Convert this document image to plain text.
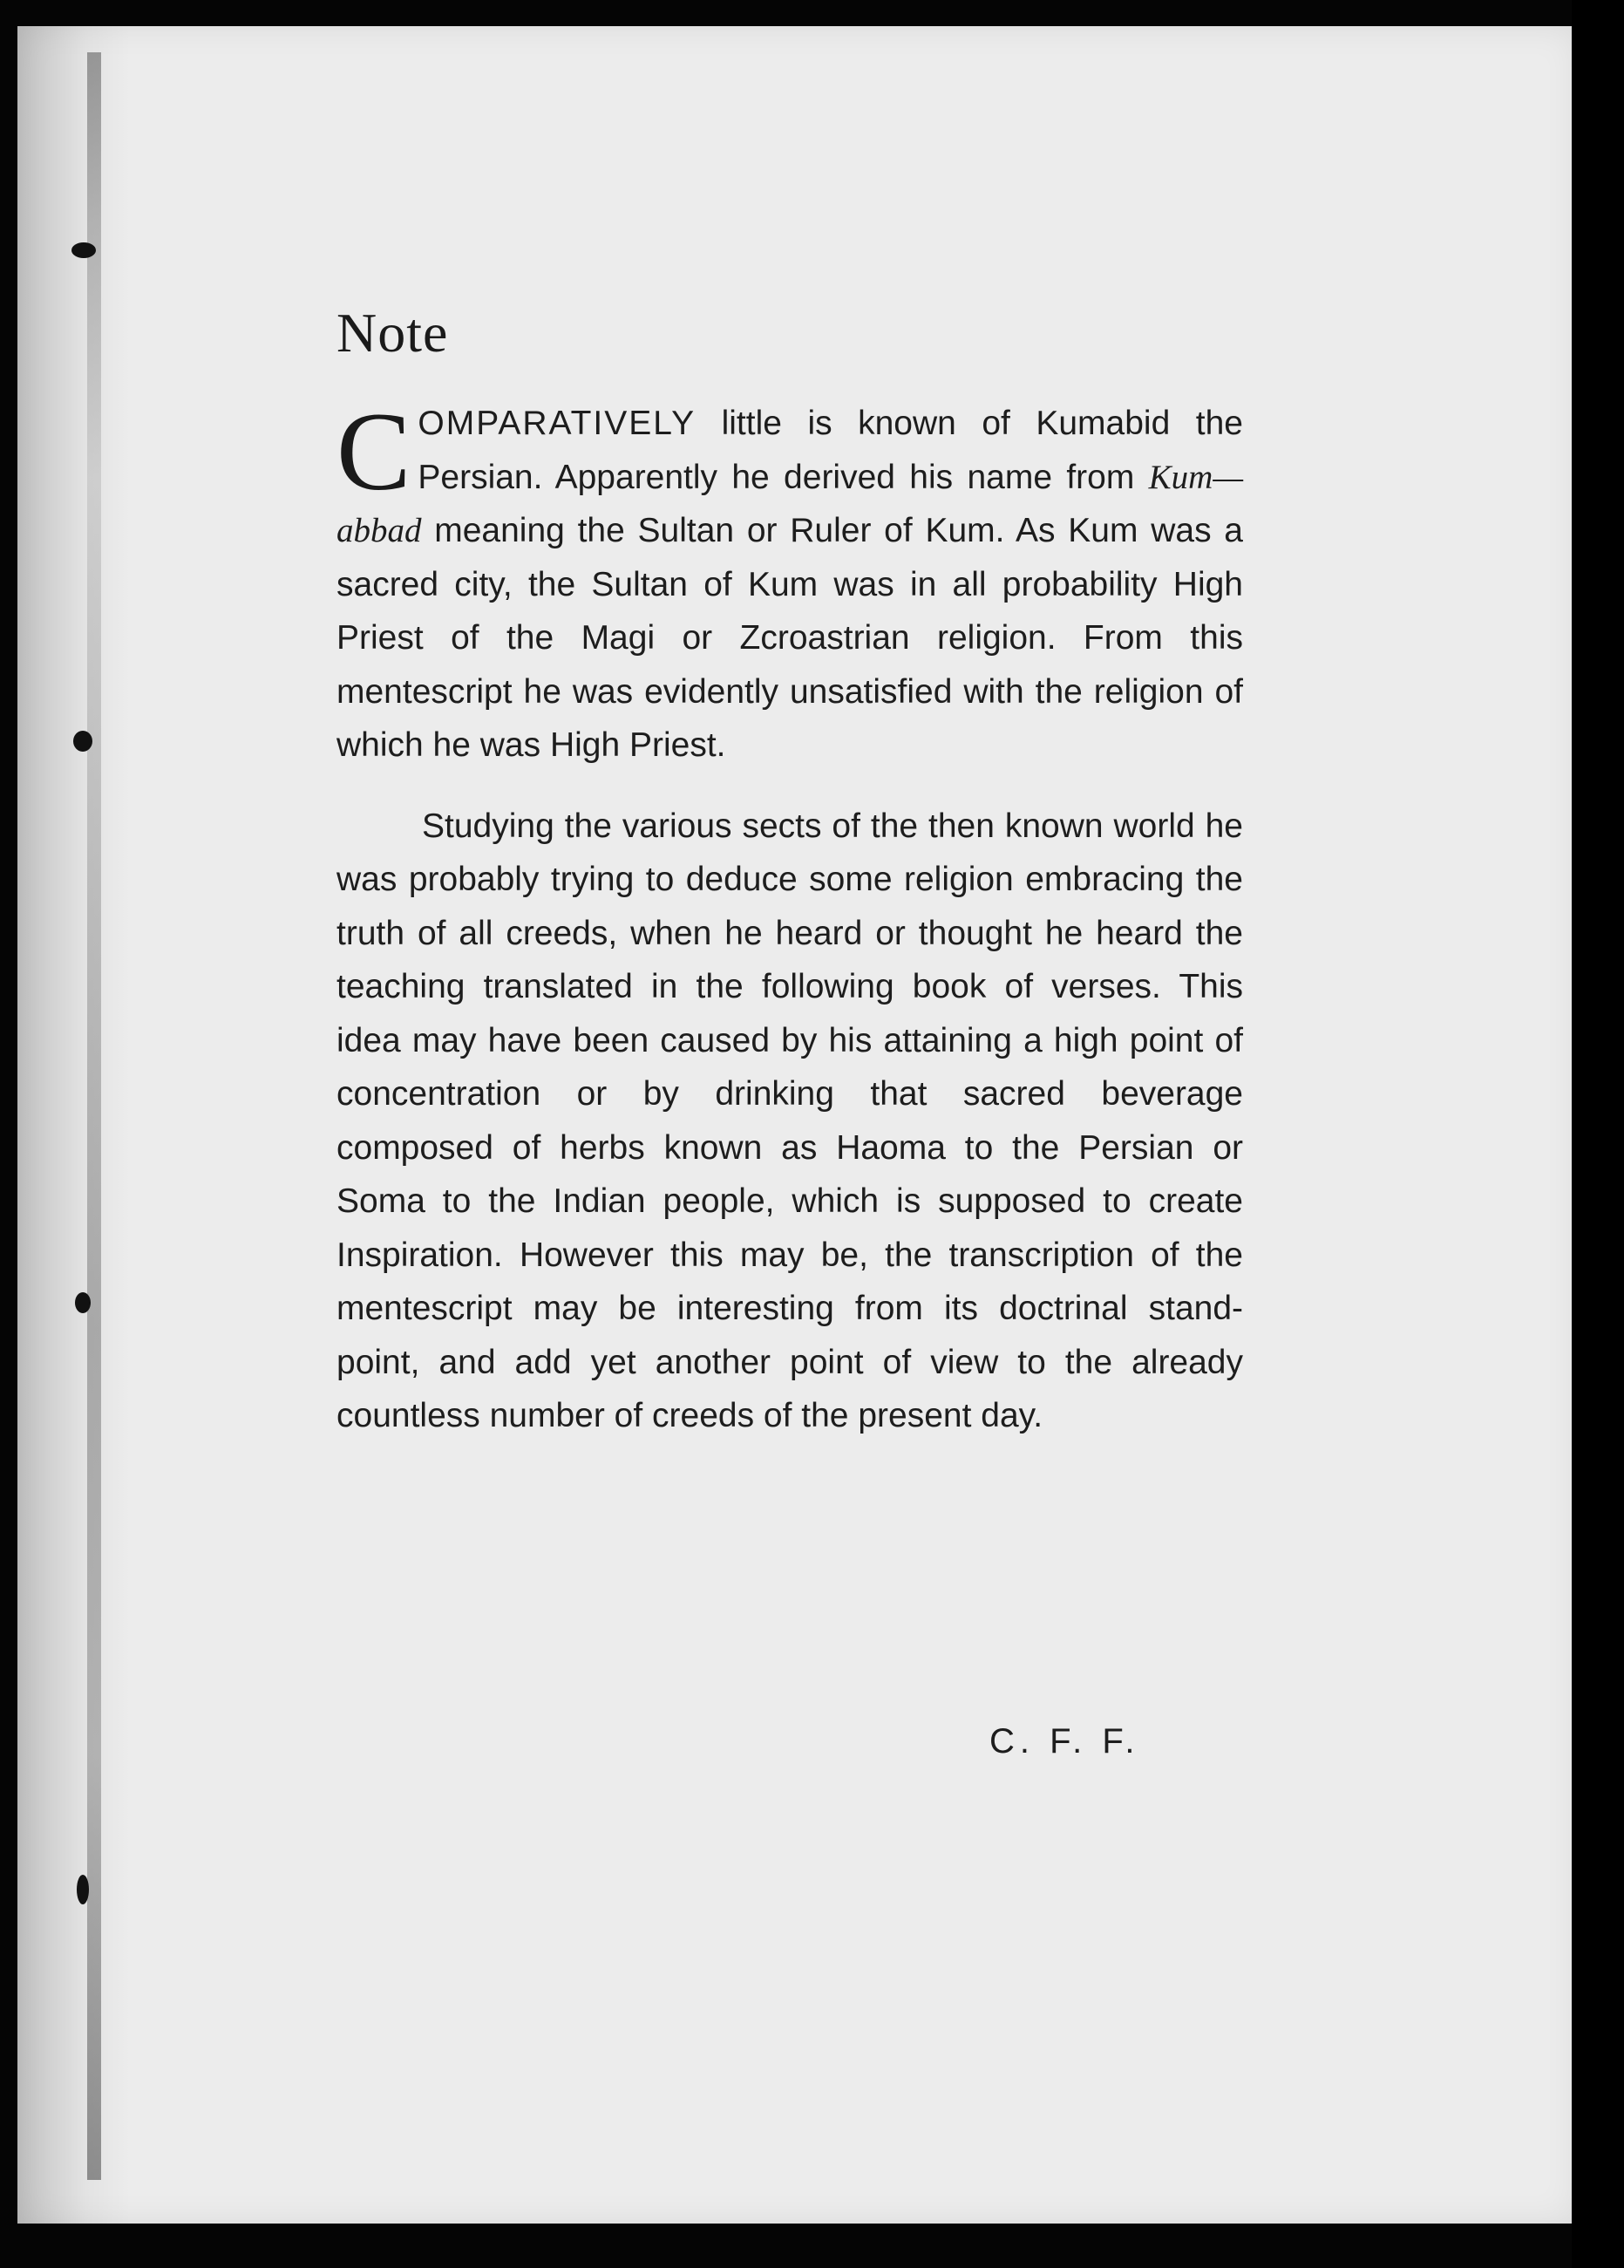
Note

COMPARATIVELY little is known of Kumabid the Persian. Apparently he derived his name from Kum—abbad meaning the Sultan or Ruler of Kum. As Kum was a sacred city, the Sultan of Kum was in all probability High Priest of the Magi or Zcroastrian religion. From this mentescript he was evidently unsatisfied with the religion of which he was High Priest.

Studying the various sects of the then known world he was probably trying to deduce some religion embracing the truth of all creeds, when he heard or thought he heard the teaching translated in the following book of verses. This idea may have been caused by his attaining a high point of concentration or by drinking that sacred beverage composed of herbs known as Haoma to the Persian or Soma to the Indian people, which is supposed to create Inspiration. However this may be, the transcription of the mentescript may be interesting from its doctrinal stand-point, and add yet another point of view to the already countless number of creeds of the present day.

C. F. F.
